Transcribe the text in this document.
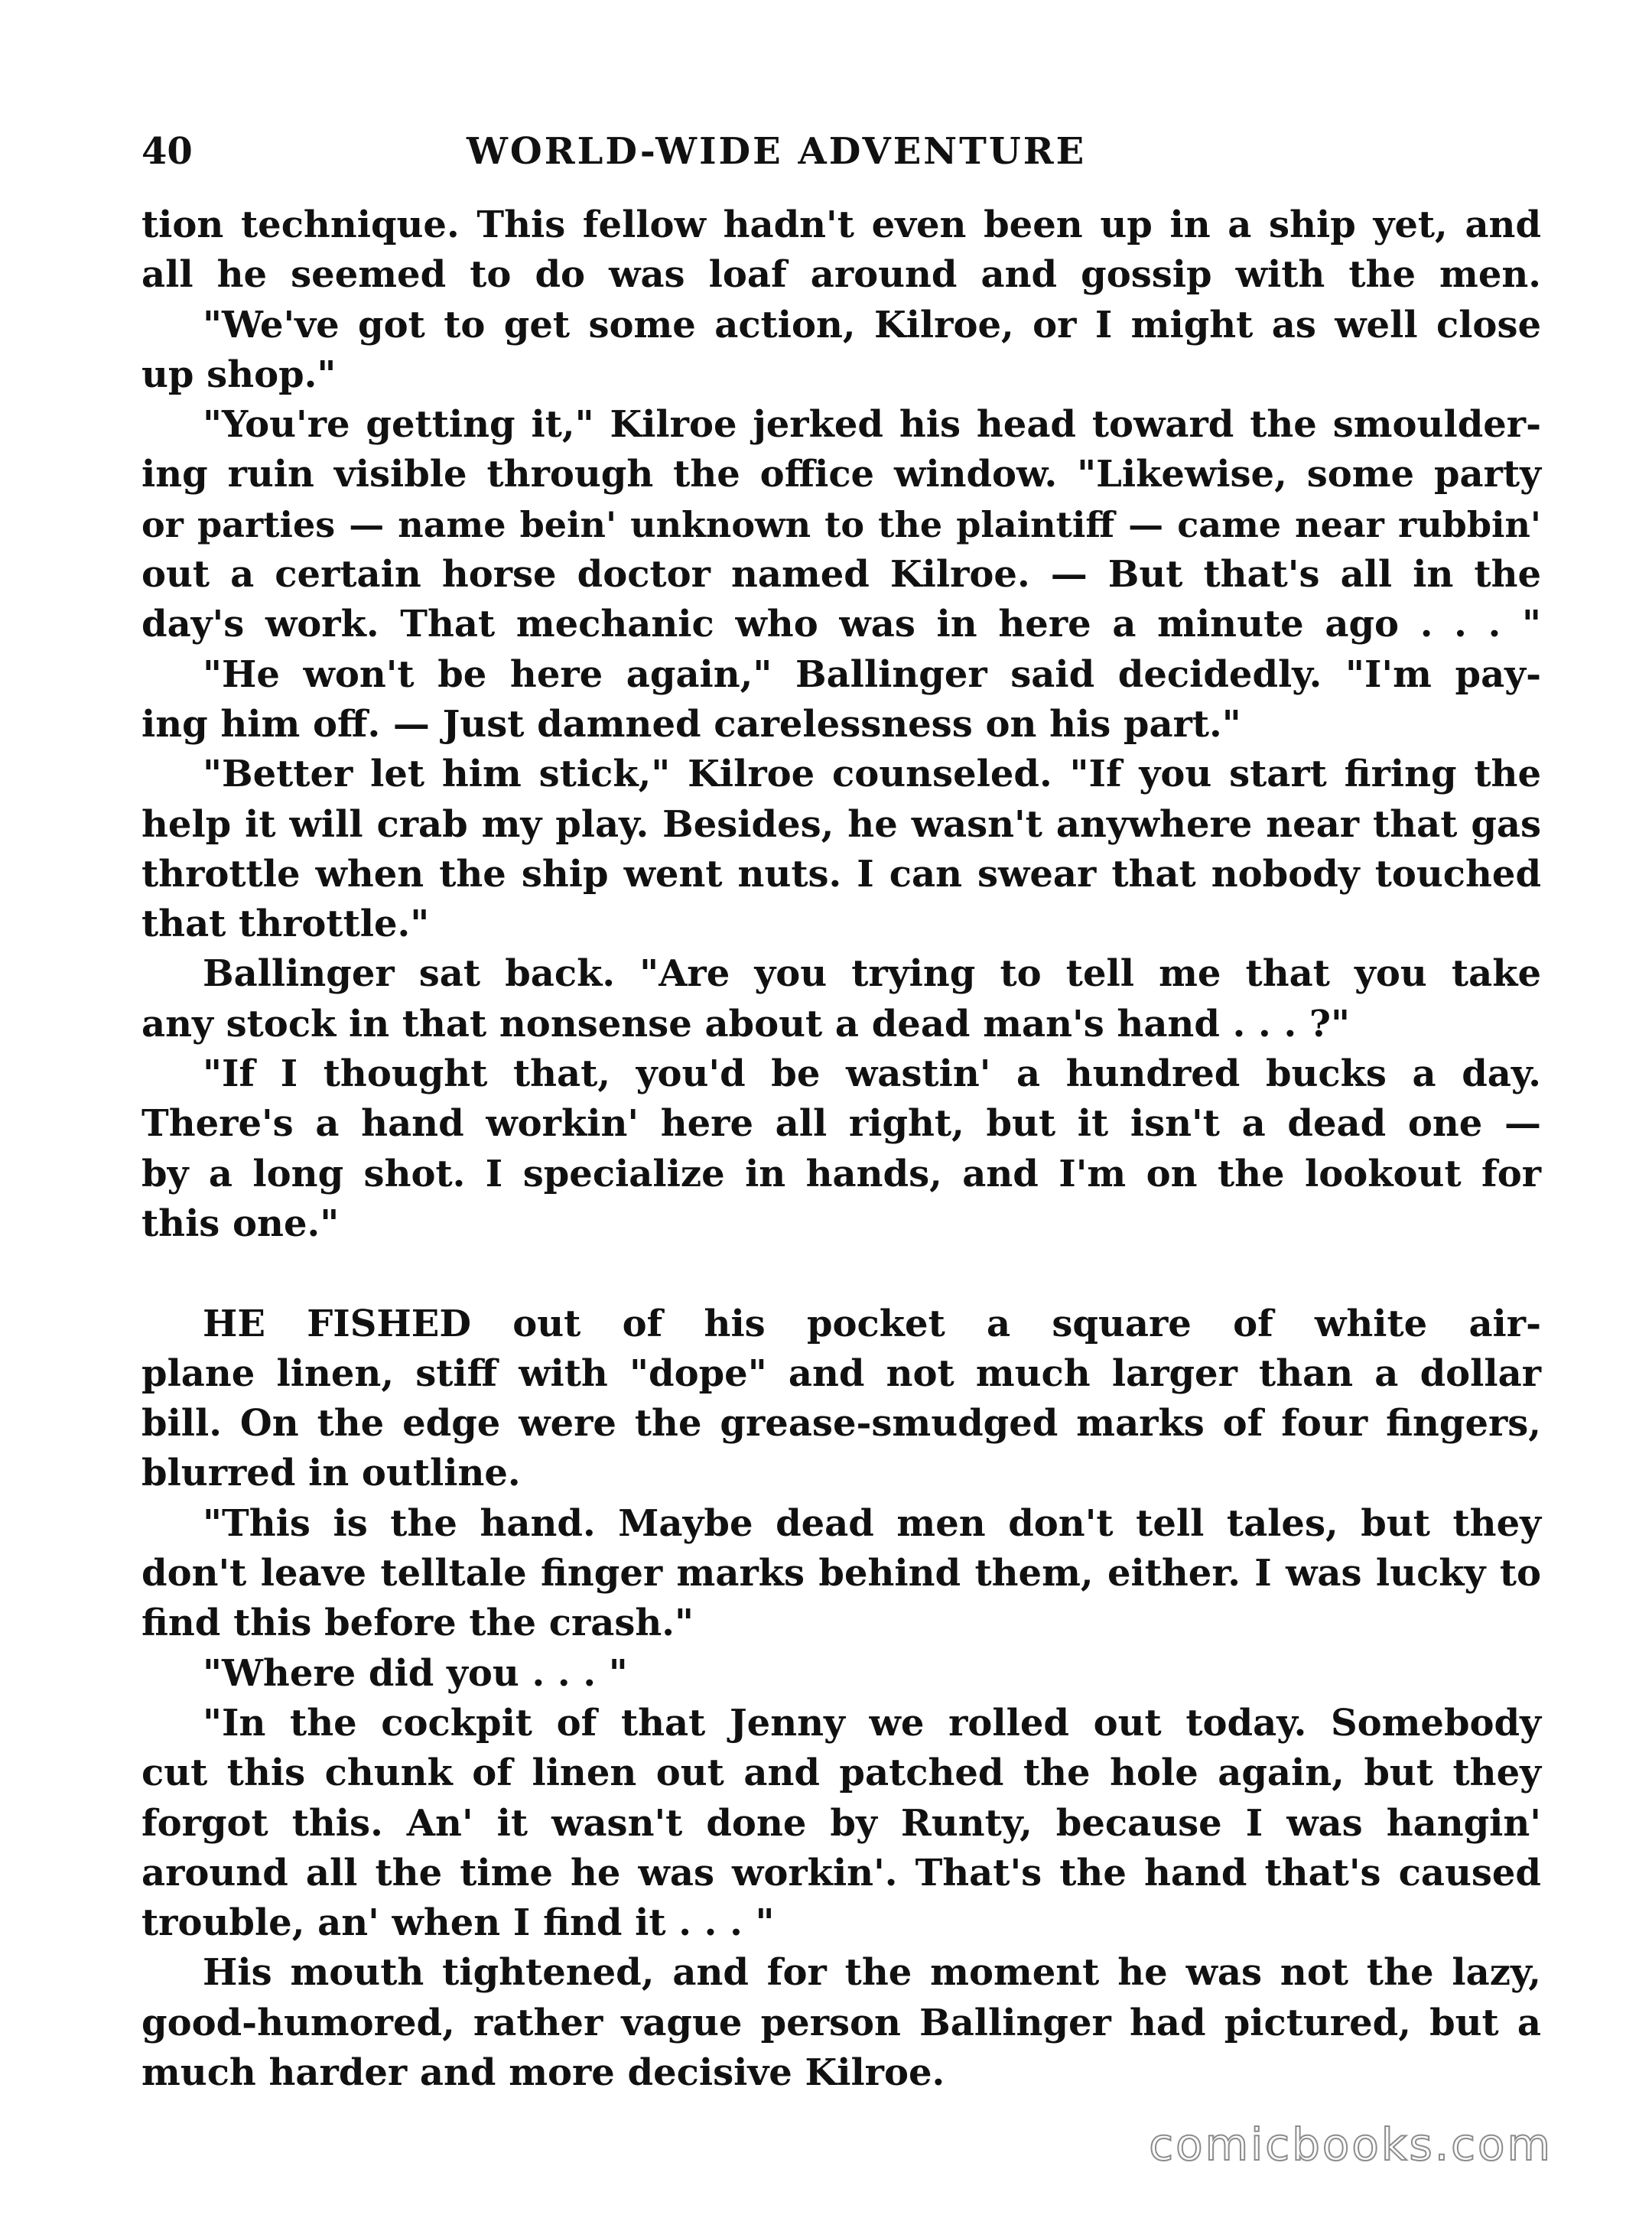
40	WORLD-WIDE ADVENTURE
tion technique. This fellow hadn't even been up in a ship yet, and
all he seemed to do was loaf around and gossip with the men.
"We've got to get some action, Kilroe, or I might as well close
up shop."
"You're getting it," Kilroe jerked his head toward the smoulder-
ing ruin visible through the office window. "Likewise, some party
or parties — name bein' unknown to the plaintiff — came near rubbin'
out a certain horse doctor named Kilroe. — But that's all in the
day's work. That mechanic who was in here a minute ago . . . "
"He won't be here again," Ballinger said decidedly. "I'm pay-
ing him off. — Just damned carelessness on his part."
"Better let him stick," Kilroe counseled. "If you start firing the
help it will crab my play. Besides, he wasn't anywhere near that gas
throttle when the ship went nuts. I can swear that nobody touched
that throttle."
Ballinger sat back. "Are you trying to tell me that you take
any stock in that nonsense about a dead man's hand . . . ?"
"If I thought that, you'd be wastin' a hundred bucks a day.
There's a hand workin' here all right, but it isn't a dead one —
by a long shot. I specialize in hands, and I'm on the lookout for
this one."
HE FISHED out of his pocket a square of white air-
plane linen, stiff with "dope" and not much larger than a dollar
bill. On the edge were the grease-smudged marks of four fingers,
blurred in outline.
"This is the hand. Maybe dead men don't tell tales, but they
don't leave telltale finger marks behind them, either. I was lucky to
find this before the crash."
"Where did you . . . "
"In the cockpit of that Jenny we rolled out today. Somebody
cut this chunk of linen out and patched the hole again, but they
forgot this. An' it wasn't done by Runty, because I was hangin'
around all the time he was workin'. That's the hand that's caused
trouble, an' when I find it . . . "
His mouth tightened, and for the moment he was not the lazy,
good-humored, rather vague person Ballinger had pictured, but a
much harder and more decisive Kilroe.
comicbooks.com
